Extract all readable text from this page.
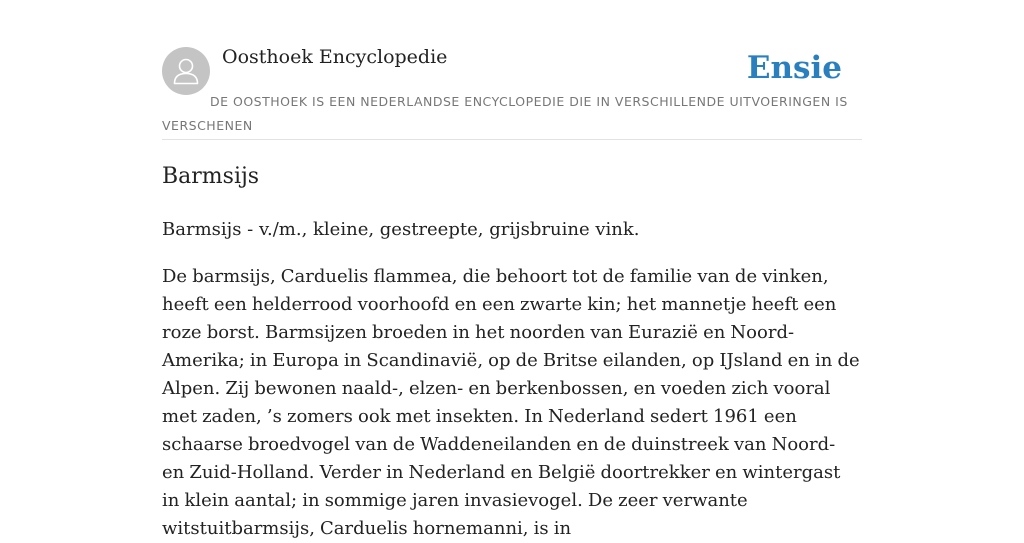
Oosthoek Encyclopedie	Ensie
DE OOSTHOEK IS EEN NEDERLANDSE ENCYCLOPEDIE DIE IN VERSCHILLENDE UITVOERINGEN IS VERSCHENEN
Barmsijs

Barmsijs - v./m., kleine, gestreepte, grijsbruine vink.

De barmsijs, Carduelis flammea, die behoort tot de familie van de vinken, heeft een helderrood voorhoofd en een zwarte kin; het mannetje heeft een roze borst. Barmsijzen broeden in het noorden van Eurazië en Noord-Amerika; in Europa in Scandinavië, op de Britse eilanden, op IJsland en in de Alpen. Zij bewonen naald-, elzen- en berkenbossen, en voeden zich vooral met zaden, ’s zomers ook met insekten. In Nederland sedert 1961 een schaarse broedvogel van de Waddeneilanden en de duinstreek van Noord- en Zuid-Holland. Verder in Nederland en België doortrekker en wintergast in klein aantal; in sommige jaren invasievogel. De zeer verwante witstuitbarmsijs, Carduelis hornemanni, is in
